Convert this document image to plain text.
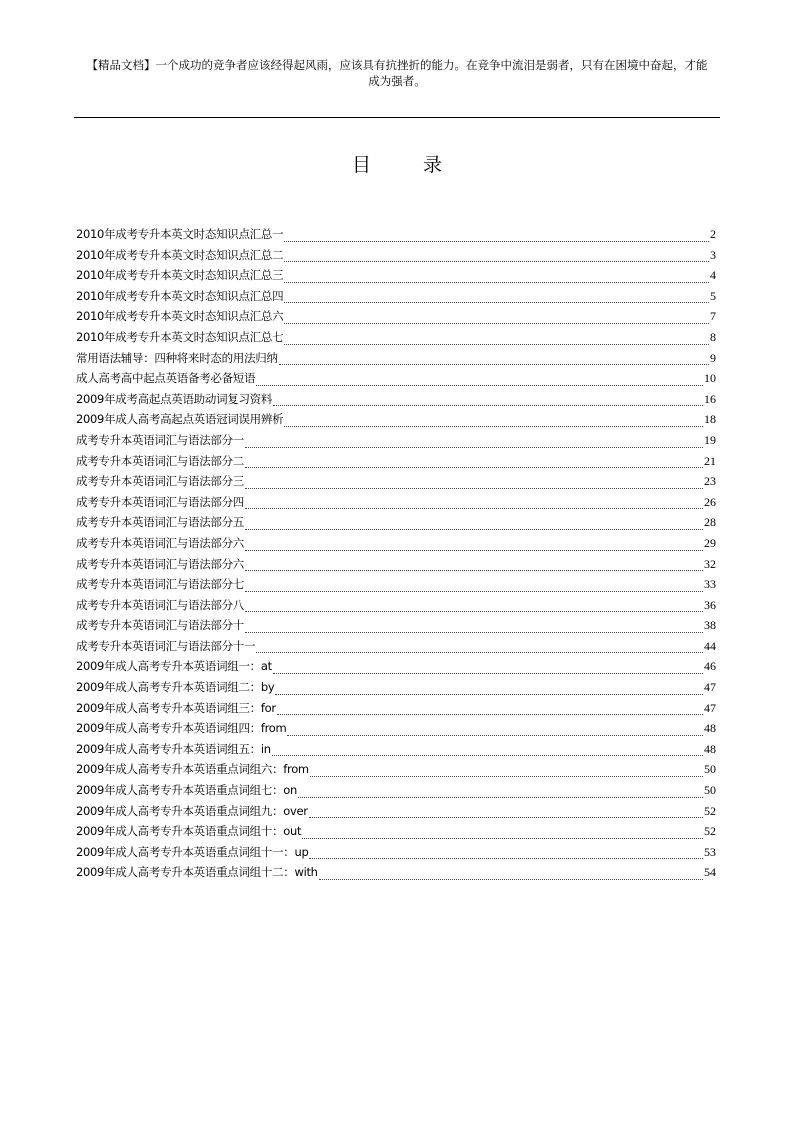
【精品文档】一个成功的竞争者应该经得起风雨，应该具有抗挫折的能力。在竞争中流泪是弱者，只有在困境中奋起，才能
成为强者。
目录
2010年成考专升本英文时态知识点汇总一	2
2010年成考专升本英文时态知识点汇总二	3
2010年成考专升本英文时态知识点汇总三	4
2010年成考专升本英文时态知识点汇总四	5
2010年成考专升本英文时态知识点汇总六	7
2010年成考专升本英文时态知识点汇总七	8
常用语法辅导：四种将来时态的用法归纳	9
成人高考高中起点英语备考必备短语	10
2009年成考高起点英语助动词复习资料	16
2009年成人高考高起点英语冠词误用辨析	18
成考专升本英语词汇与语法部分一	19
成考专升本英语词汇与语法部分二	21
成考专升本英语词汇与语法部分三	23
成考专升本英语词汇与语法部分四	26
成考专升本英语词汇与语法部分五	28
成考专升本英语词汇与语法部分六	29
成考专升本英语词汇与语法部分六	32
成考专升本英语词汇与语法部分七	33
成考专升本英语词汇与语法部分八	36
成考专升本英语词汇与语法部分十	38
成考专升本英语词汇与语法部分十一	44
2009年成人高考专升本英语词组一：at	46
2009年成人高考专升本英语词组二：by	47
2009年成人高考专升本英语词组三：for	47
2009年成人高考专升本英语词组四：from	48
2009年成人高考专升本英语词组五：in	48
2009年成人高考专升本英语重点词组六：from	50
2009年成人高考专升本英语重点词组七：on	50
2009年成人高考专升本英语重点词组九：over	52
2009年成人高考专升本英语重点词组十：out	52
2009年成人高考专升本英语重点词组十一：up	53
2009年成人高考专升本英语重点词组十二：with	54
